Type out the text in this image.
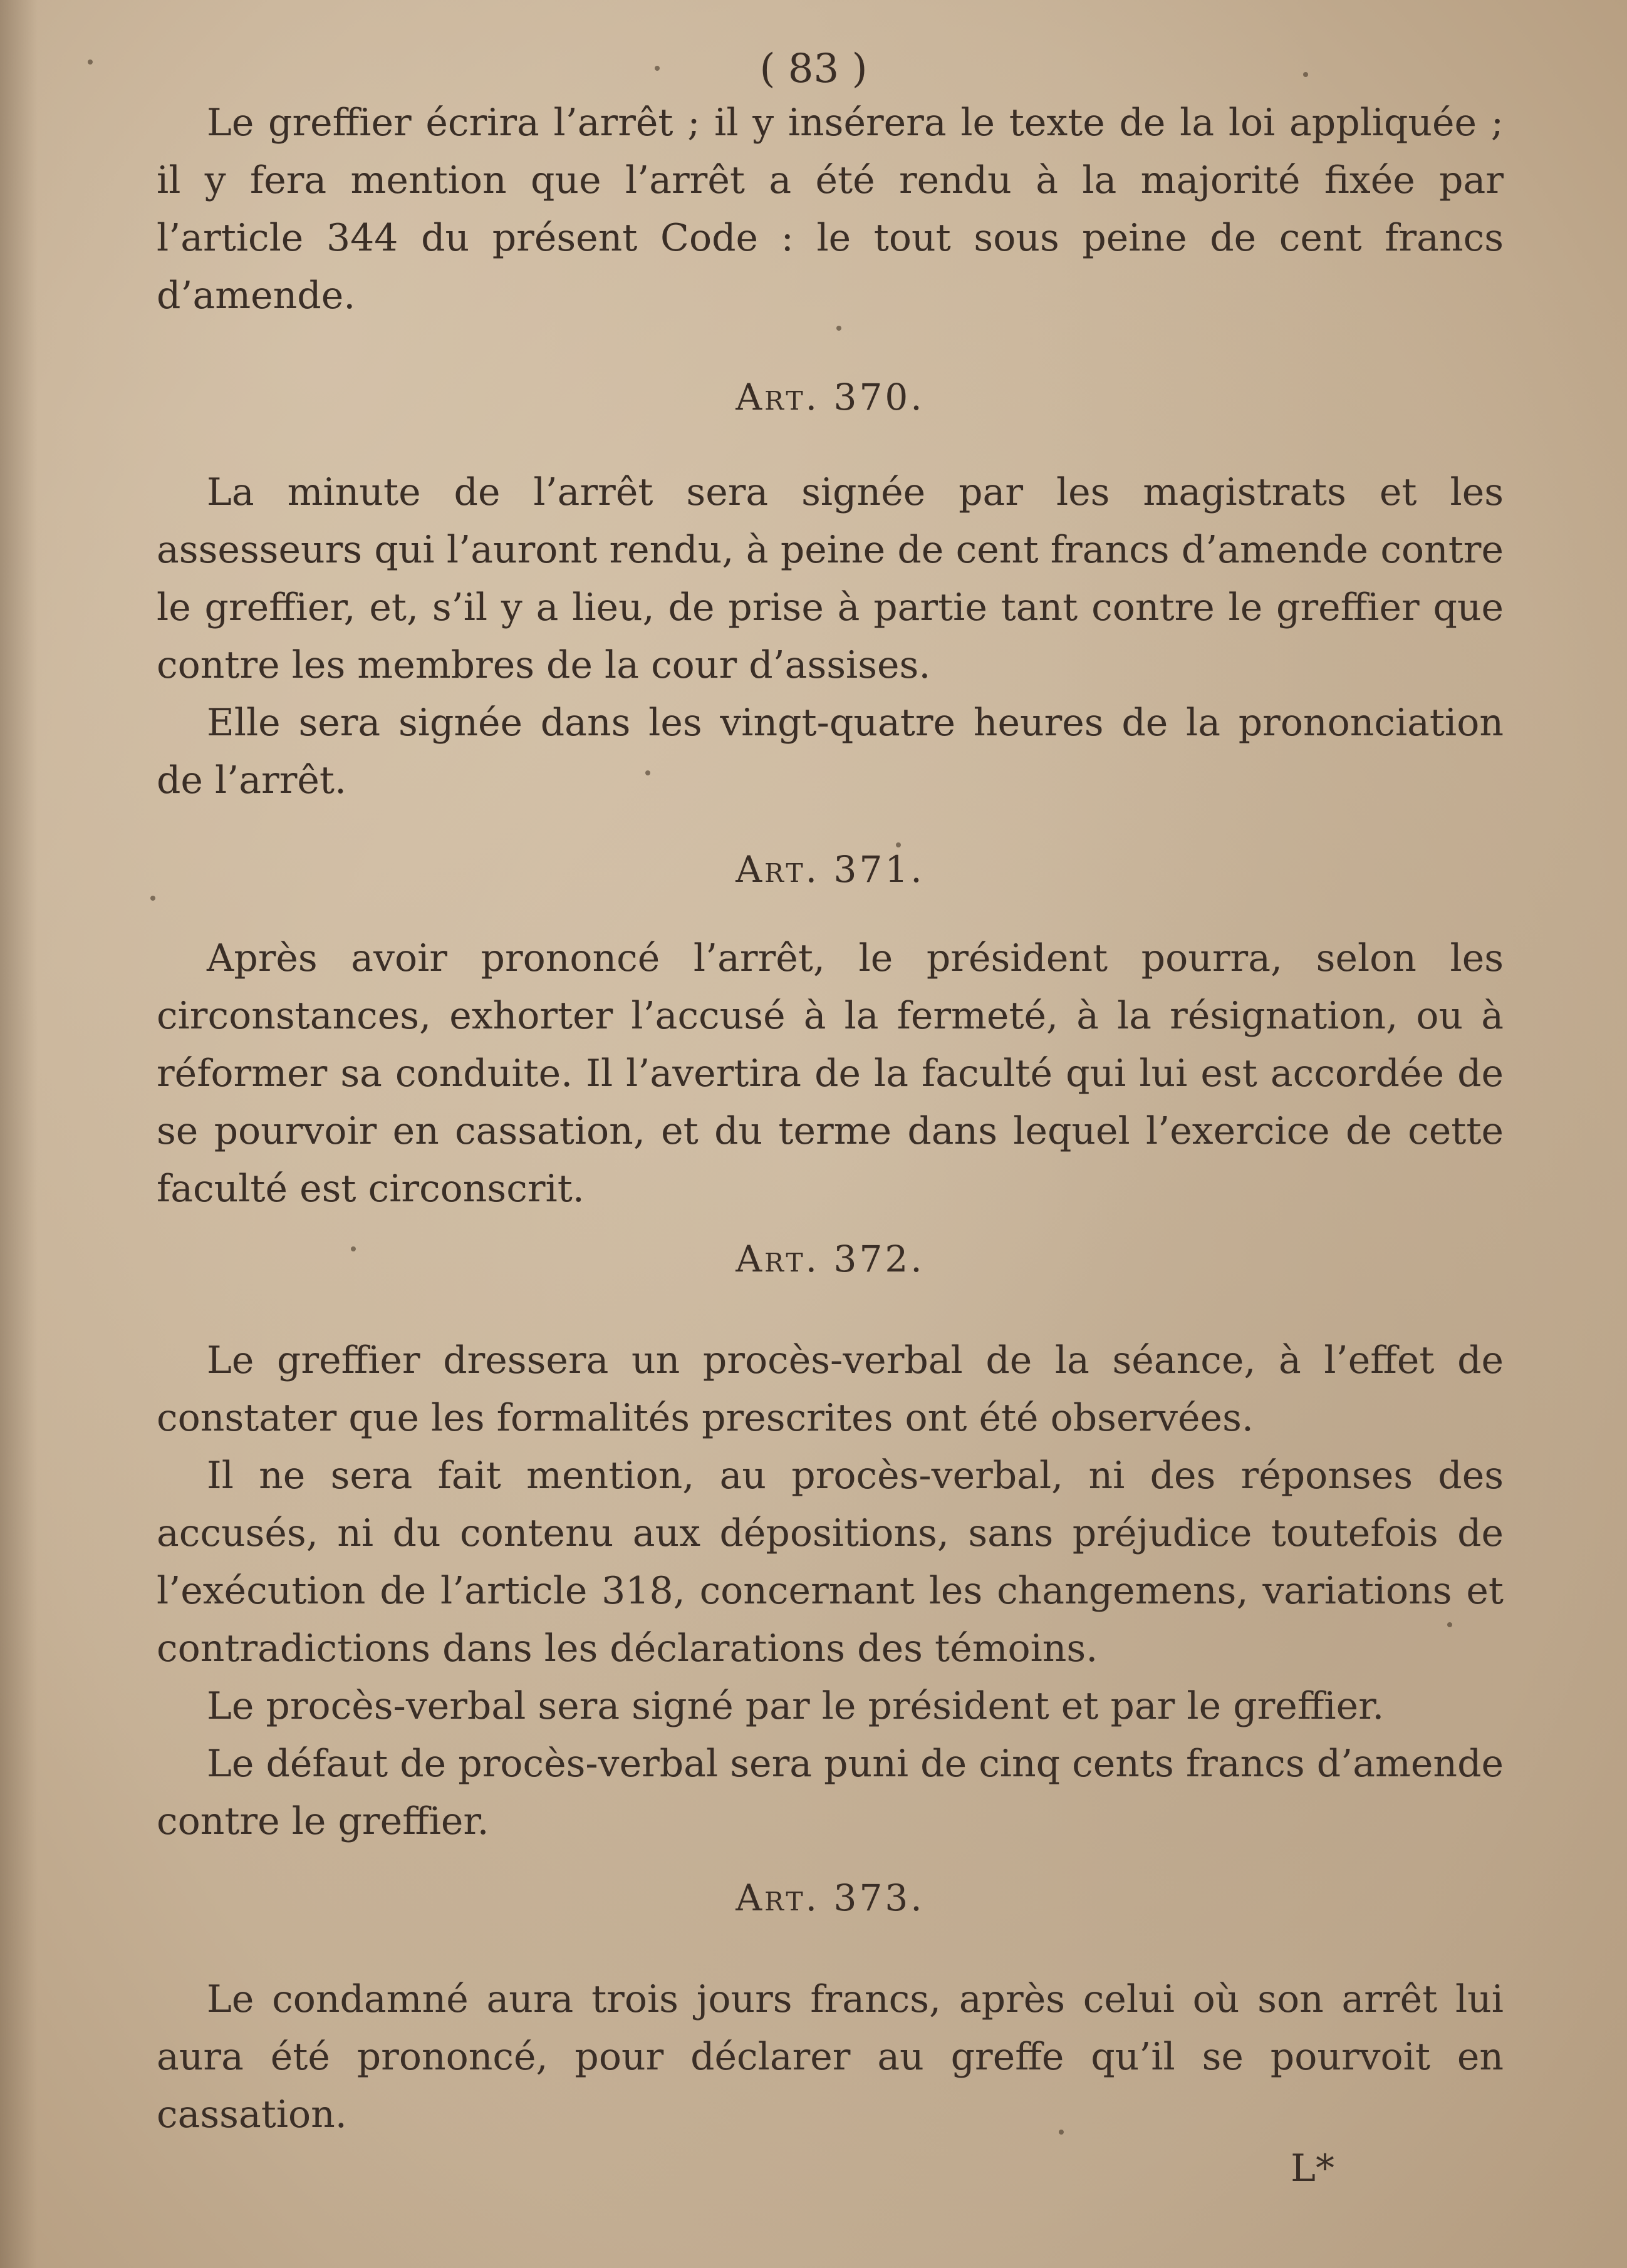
( 83 )

Le greffier écrira l’arrêt ; il y insérera le texte de la loi appliquée ; il y fera mention que l’arrêt a été rendu à la majorité fixée par l’article 344 du présent Code : le tout sous peine de cent francs d’amende.

Art. 370.

La minute de l’arrêt sera signée par les magistrats et les assesseurs qui l’auront rendu, à peine de cent francs d’amende contre le greffier, et, s’il y a lieu, de prise à partie tant contre le greffier que contre les membres de la cour d’assises.

Elle sera signée dans les vingt-quatre heures de la prononciation de l’arrêt.

Art. 371.

Après avoir prononcé l’arrêt, le président pourra, selon les circonstances, exhorter l’accusé à la fermeté, à la résignation, ou à réformer sa conduite. Il l’avertira de la faculté qui lui est accordée de se pourvoir en cassation, et du terme dans lequel l’exercice de cette faculté est circonscrit.

Art. 372.

Le greffier dressera un procès-verbal de la séance, à l’effet de constater que les formalités prescrites ont été observées.

Il ne sera fait mention, au procès-verbal, ni des réponses des accusés, ni du contenu aux dépositions, sans préjudice toutefois de l’exécution de l’article 318, concernant les changemens, variations et contradictions dans les déclarations des témoins.

Le procès-verbal sera signé par le président et par le greffier.

Le défaut de procès-verbal sera puni de cinq cents francs d’amende contre le greffier.

Art. 373.

Le condamné aura trois jours francs, après celui où son arrêt lui aura été prononcé, pour déclarer au greffe qu’il se pourvoit en cassation.

L*
